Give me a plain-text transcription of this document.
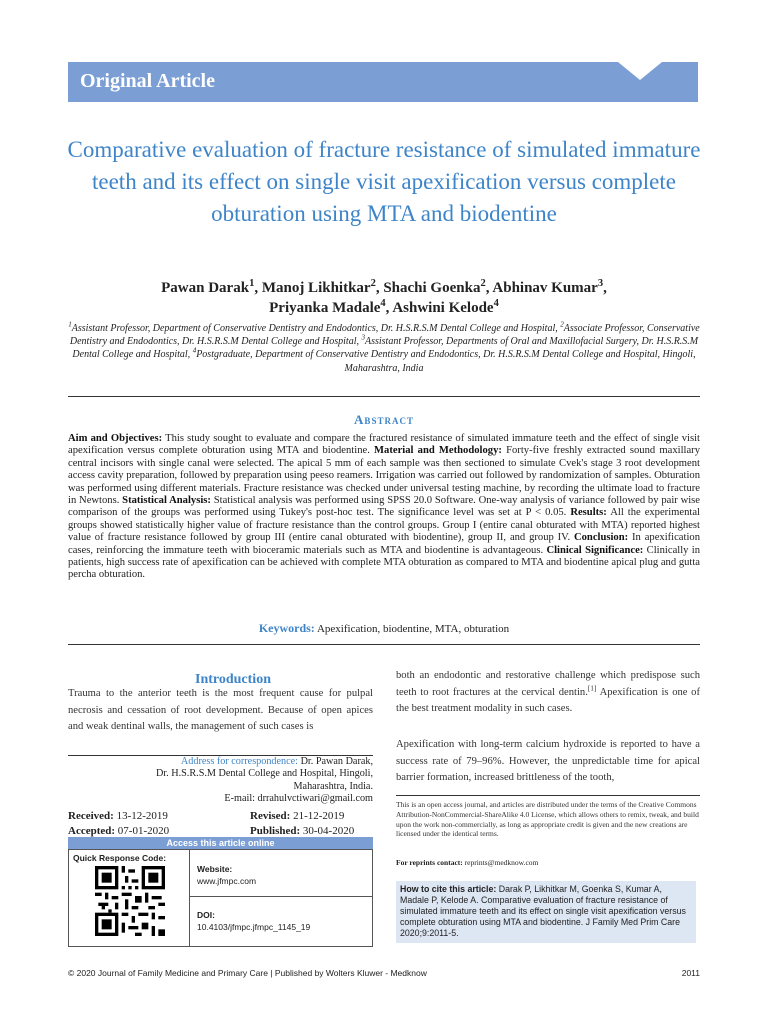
Original Article
Comparative evaluation of fracture resistance of simulated immature teeth and its effect on single visit apexification versus complete obturation using MTA and biodentine
Pawan Darak$^1$, Manoj Likhitkar$^2$, Shachi Goenka$^2$, Abhinav Kumar$^3$,
Priyanka Madale$^4$, Ashwini Kelode$^4$
$^1$Assistant Professor, Department of Conservative Dentistry and Endodontics, Dr. H.S.R.S.M Dental College and Hospital, $^2$Associate Professor, Conservative Dentistry and Endodontics, Dr. H.S.R.S.M Dental College and Hospital, $^3$Assistant Professor, Departments of Oral and Maxillofacial Surgery, Dr. H.S.R.S.M Dental College and Hospital, $^4$Postgraduate, Department of Conservative Dentistry and Endodontics, Dr. H.S.R.S.M Dental College and Hospital, Hingoli, Maharashtra, India
Abstract
Aim and Objectives: This study sought to evaluate and compare the fractured resistance of simulated immature teeth and the effect of single visit apexification versus complete obturation using MTA and biodentine. Material and Methodology: Forty-five freshly extracted sound maxillary central incisors with single canal were selected. The apical 5 mm of each sample was then sectioned to simulate Cvek's stage 3 root development access cavity preparation, followed by preparation using peeso reamers. Irrigation was carried out followed by randomization of samples. Obturation was performed using different materials. Fracture resistance was checked under universal testing machine, by recording the ultimate load to fracture in Newtons. Statistical Analysis: Statistical analysis was performed using SPSS 20.0 Software. One-way analysis of variance followed by pair wise comparison of the groups was performed using Tukey's post-hoc test. The significance level was set at P < 0.05. Results: All the experimental groups showed statistically higher value of fracture resistance than the control groups. Group I (entire canal obturated with MTA) reported highest value of fracture resistance followed by group III (entire canal obturated with biodentine), group II, and group IV. Conclusion: In apexification cases, reinforcing the immature teeth with bioceramic materials such as MTA and biodentine is advantageous. Clinical Significance: Clinically in patients, high success rate of apexification can be achieved with complete MTA obturation as compared to MTA and biodentine apical plug and gutta percha obturation.
Keywords: Apexification, biodentine, MTA, obturation
Introduction
Trauma to the anterior teeth is the most frequent cause for pulpal necrosis and cessation of root development. Because of open apices and weak dentinal walls, the management of such cases is
both an endodontic and restorative challenge which predispose such teeth to root fractures at the cervical dentin.[1] Apexification is one of the best treatment modality in such cases.
Apexification with long-term calcium hydroxide is reported to have a success rate of 79–96%. However, the unpredictable time for apical barrier formation, increased brittleness of the tooth,
Address for correspondence: Dr. Pawan Darak,
Dr. H.S.R.S.M Dental College and Hospital, Hingoli,
Maharashtra, India.
E-mail: drrahulvctiwari@gmail.com
Received: 13-12-2019	Revised: 21-12-2019
Accepted: 07-01-2020	Published: 30-04-2020
Access this article online
Quick Response Code:
Website:
www.jfmpc.com
DOI:
10.4103/jfmpc.jfmpc_1145_19
This is an open access journal, and articles are distributed under the terms of the Creative Commons Attribution-NonCommercial-ShareAlike 4.0 License, which allows others to remix, tweak, and build upon the work non-commercially, as long as appropriate credit is given and the new creations are licensed under the identical terms.
For reprints contact: reprints@medknow.com
How to cite this article: Darak P, Likhitkar M, Goenka S, Kumar A, Madale P, Kelode A. Comparative evaluation of fracture resistance of simulated immature teeth and its effect on single visit apexification versus complete obturation using MTA and biodentine. J Family Med Prim Care 2020;9:2011-5.
© 2020 Journal of Family Medicine and Primary Care | Published by Wolters Kluwer - Medknow	2011
